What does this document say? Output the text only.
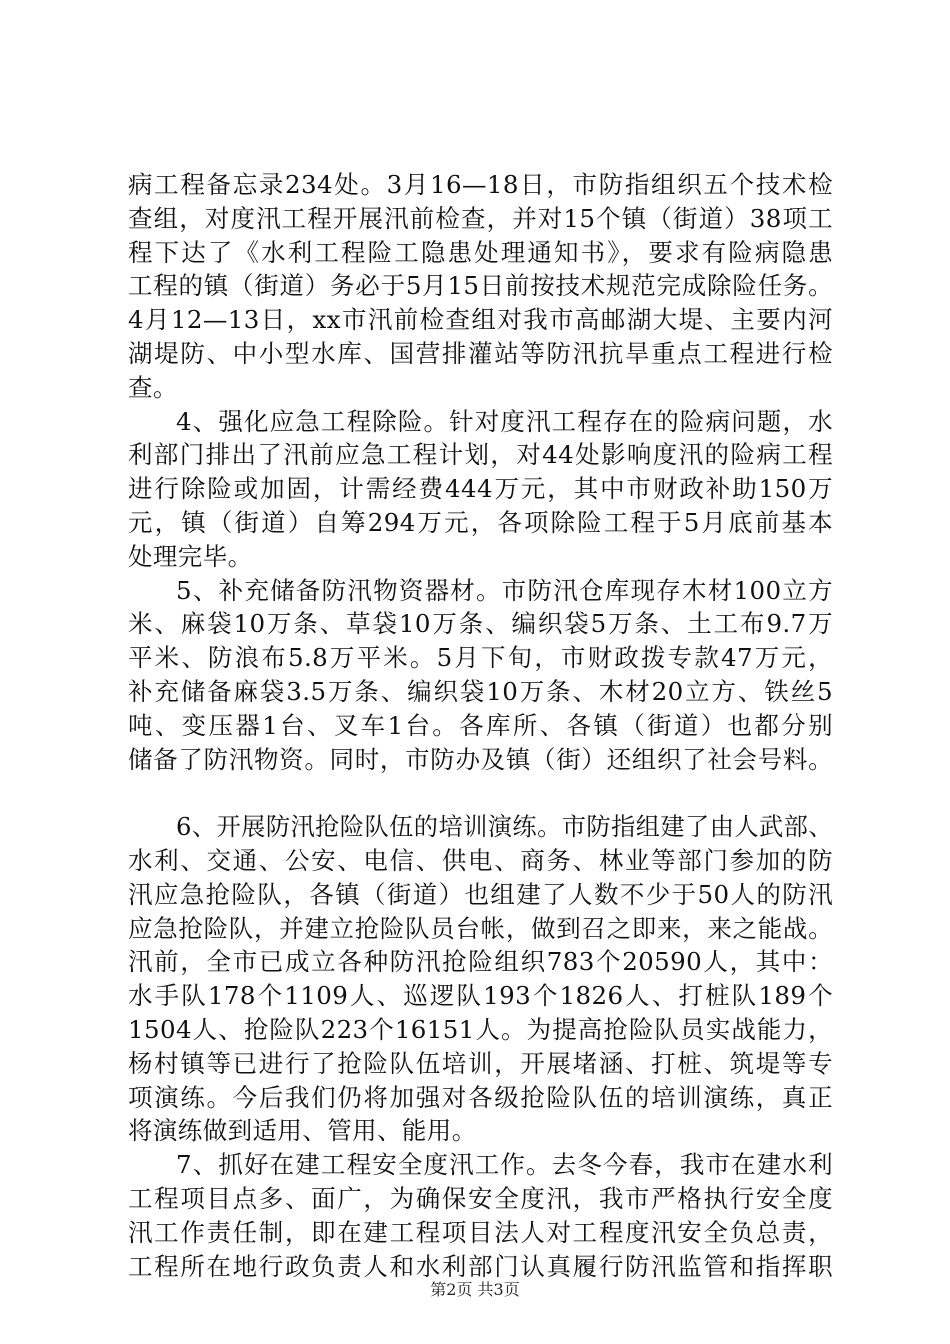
病工程备忘录234处。3月16—18日，市防指组织五个技术检
查组，对度汛工程开展汛前检查，并对15个镇（街道）38项工
程下达了《水利工程险工隐患处理通知书》，要求有险病隐患
工程的镇（街道）务必于5月15日前按技术规范完成除险任务。
4月12—13日，xx市汛前检查组对我市高邮湖大堤、主要内河
湖堤防、中小型水库、国营排灌站等防汛抗旱重点工程进行检
查。
4、强化应急工程除险。针对度汛工程存在的险病问题，水
利部门排出了汛前应急工程计划，对44处影响度汛的险病工程
进行除险或加固，计需经费444万元，其中市财政补助150万
元，镇（街道）自筹294万元，各项除险工程于5月底前基本
处理完毕。
5、补充储备防汛物资器材。市防汛仓库现存木材100立方
米、麻袋10万条、草袋10万条、编织袋5万条、土工布9.7万
平米、防浪布5.8万平米。5月下旬，市财政拨专款47万元，
补充储备麻袋3.5万条、编织袋10万条、木材20立方、铁丝5
吨、变压器1台、叉车1台。各库所、各镇（街道）也都分别
储备了防汛物资。同时，市防办及镇（街）还组织了社会号料。
6、开展防汛抢险队伍的培训演练。市防指组建了由人武部、
水利、交通、公安、电信、供电、商务、林业等部门参加的防
汛应急抢险队，各镇（街道）也组建了人数不少于50人的防汛
应急抢险队，并建立抢险队员台帐，做到召之即来，来之能战。
汛前，全市已成立各种防汛抢险组织783个20590人，其中：
水手队178个1109人、巡逻队193个1826人、打桩队189个
1504人、抢险队223个16151人。为提高抢险队员实战能力，
杨村镇等已进行了抢险队伍培训，开展堵涵、打桩、筑堤等专
项演练。今后我们仍将加强对各级抢险队伍的培训演练，真正
将演练做到适用、管用、能用。
7、抓好在建工程安全度汛工作。去冬今春，我市在建水利
工程项目点多、面广，为确保安全度汛，我市严格执行安全度
汛工作责任制，即在建工程项目法人对工程度汛安全负总责，
工程所在地行政负责人和水利部门认真履行防汛监管和指挥职
第2页 共3页
